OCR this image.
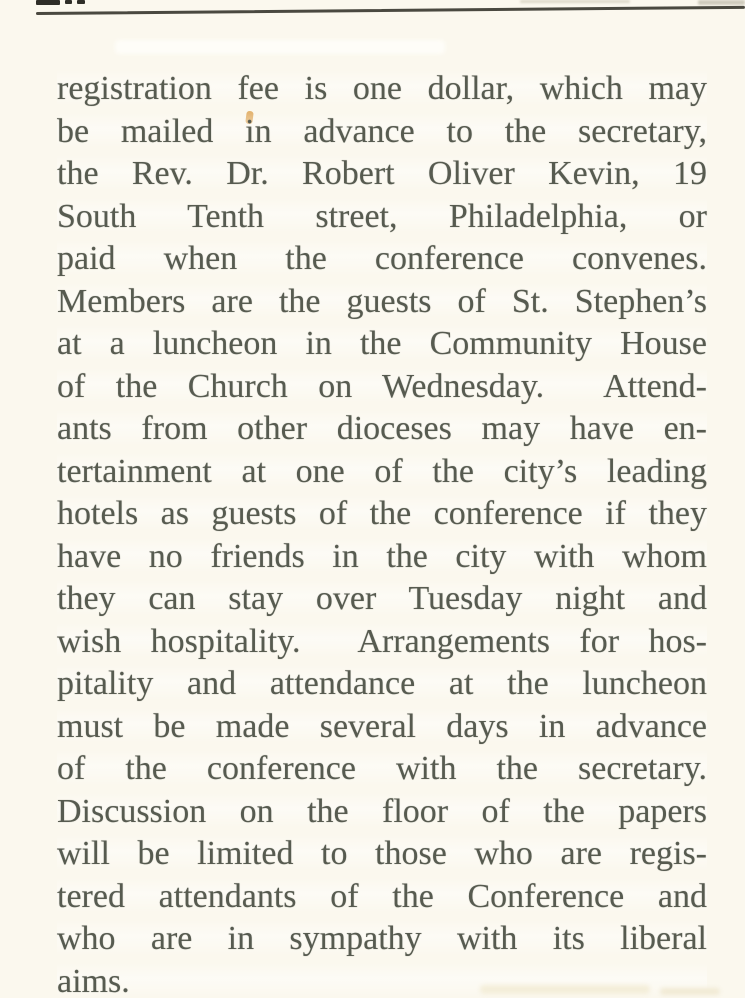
registration fee is one dollar, which may
be mailed in advance to the secretary,
the Rev. Dr. Robert Oliver Kevin, 19
South Tenth street, Philadelphia, or
paid when the conference convenes.
Members are the guests of St. Stephen’s
at a luncheon in the Community House
of the Church on Wednesday.  Attend-
ants from other dioceses may have en-
tertainment at one of the city’s leading
hotels as guests of the conference if they
have no friends in the city with whom
they can stay over Tuesday night and
wish hospitality.  Arrangements for hos-
pitality and attendance at the luncheon
must be made several days in advance
of the conference with the secretary.
Discussion on the floor of the papers
will be limited to those who are regis-
tered attendants of the Conference and
who are in sympathy with its liberal
aims.
